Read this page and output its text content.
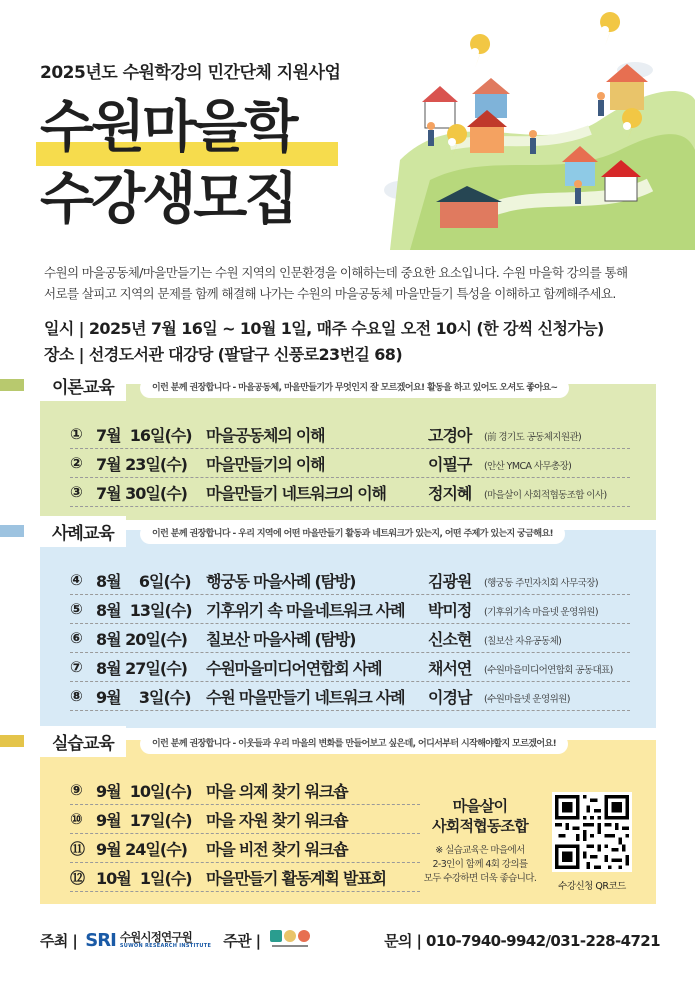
2025년도 수원학강의 민간단체 지원사업
수원마을학
수강생모집
수원의 마을공동체/마을만들기는 수원 지역의 인문환경을 이해하는데 중요한 요소입니다. 수원 마을학 강의를 통해
서로를 살피고 지역의 문제를 함께 해결해 나가는 수원의 마을공동체 마을만들기 특성을 이해하고 함께해주세요.
일시 | 2025년 7월 16일 ~ 10월 1일, 매주 수요일 오전 10시 (한 강씩 신청가능)
장소 | 선경도서관 대강당 (팔달구 신풍로23번길 68)
이론교육	이런 분께 권장합니다 - 마을공동체, 마을만들기가 무엇인지 잘 모르겠어요! 활동을 하고 있어도 오셔도 좋아요~
① 7월  16일(수) 마을공동체의 이해	고경아 (前 경기도 공동체지원관)
② 7월 23일(수)	마을만들기의 이해	이필구 (안산 YMCA 사무총장)
③ 7월 30일(수)	마을만들기 네트워크의 이해	정지혜 (마을살이 사회적협동조합 이사)
사례교육	이런 분께 권장합니다 - 우리 지역에 어떤 마을만들기 활동과 네트워크가 있는지, 어떤 주제가 있는지 궁금해요!
④ 8월    6일(수) 행궁동 마을사례 (탐방)	김광원 (행궁동 주민자치회 사무국장)
⑤ 8월  13일(수) 기후위기 속 마을네트워크 사례	박미정 (기후위기속 마을넷 운영위원)
⑥ 8월 20일(수)	칠보산 마을사례 (탐방)	신소현 (칠보산 자유공동체)
⑦ 8월 27일(수)	수원마을미디어연합회 사례	채서연 (수원마을미디어연합회 공동대표)
⑧ 9월    3일(수) 수원 마을만들기 네트워크 사례	이경남 (수원마을넷 운영위원)
실습교육	이런 분께 권장합니다 - 이웃들과 우리 마을의 변화를 만들어보고 싶은데, 어디서부터 시작해야할지 모르겠어요!
⑨ 9월  10일(수) 마을 의제 찾기 워크숍
⑩ 9월  17일(수) 마을 자원 찾기 워크숍
⑪ 9월 24일(수)	마을 비전 찾기 워크숍
⑫ 10월  1일(수) 마을만들기 활동계획 발표회
마을살이
사회적협동조합
※ 실습교육은 마을에서
2-3인이 함께 4회 강의를
모두 수강하면 더욱 좋습니다.
수강신청 QR코드
주최 | SRI 수원시정연구원
SUWON RESEARCH INSTITUTE 주관 |	문의 | 010-7940-9942/031-228-4721
